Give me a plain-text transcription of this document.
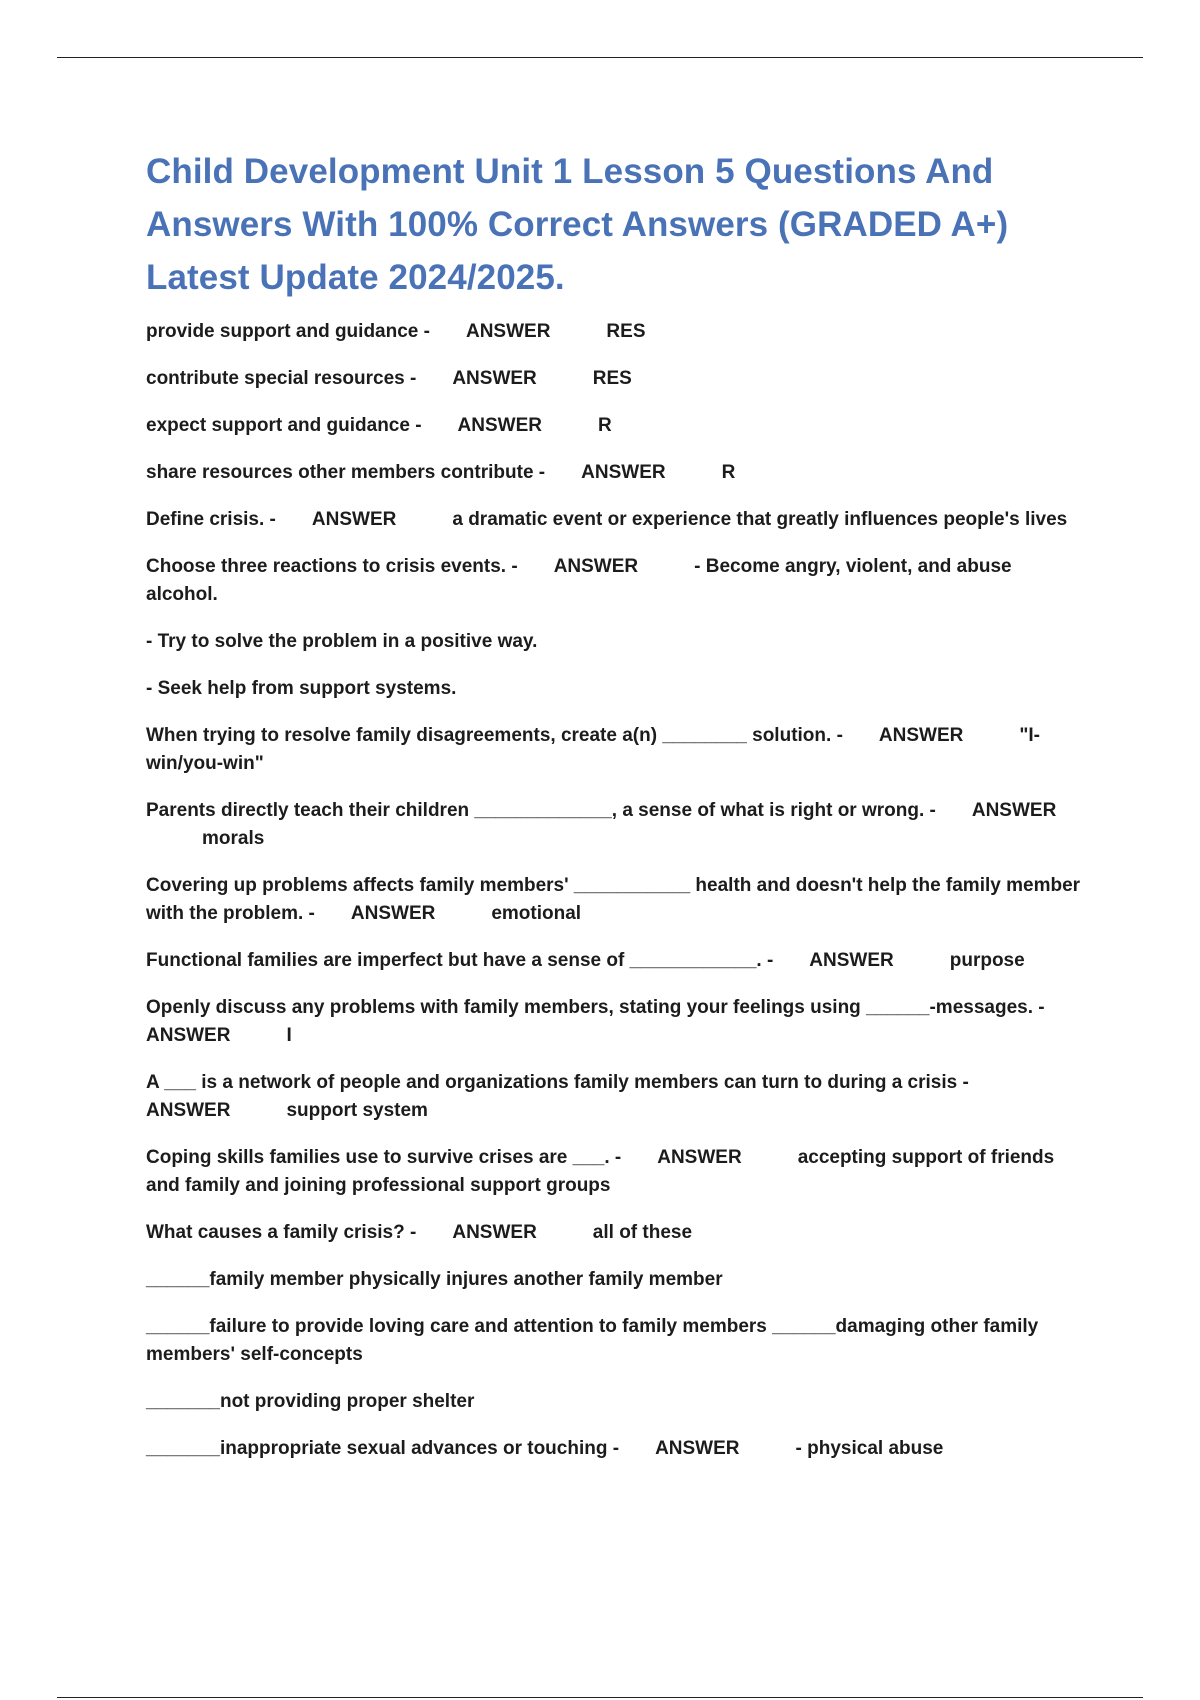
Child Development Unit 1 Lesson 5 Questions And Answers With 100% Correct Answers (GRADED A+) Latest Update 2024/2025.

provide support and guidance - ANSWER	RES

contribute special resources - ANSWER	RES

expect support and guidance - ANSWER	R

share resources other members contribute - ANSWER	R

Define crisis. - ANSWER	a dramatic event or experience that greatly influences people's lives

Choose three reactions to crisis events. - ANSWER	- Become angry, violent, and abuse alcohol.

- Try to solve the problem in a positive way.

- Seek help from support systems.

When trying to resolve family disagreements, create a(n) ________ solution. - ANSWER	"I-win/you-win"

Parents directly teach their children _____________, a sense of what is right or wrong. - ANSWERmorals

Covering up problems affects family members' ___________ health and doesn't help the family member with the problem. - ANSWER	emotional

Functional families are imperfect but have a sense of ____________. - ANSWER	purpose

Openly discuss any problems with family members, stating your feelings using ______-messages. -ANSWER	I

A ___ is a network of people and organizations family members can turn to during a crisis -ANSWER	support system

Coping skills families use to survive crises are ___. - ANSWER	accepting support of friends and family and joining professional support groups

What causes a family crisis? - ANSWER	all of these

______family member physically injures another family member

______failure to provide loving care and attention to family members ______damaging other family members' self-concepts

_______not providing proper shelter

_______inappropriate sexual advances or touching - ANSWER	- physical abuse
